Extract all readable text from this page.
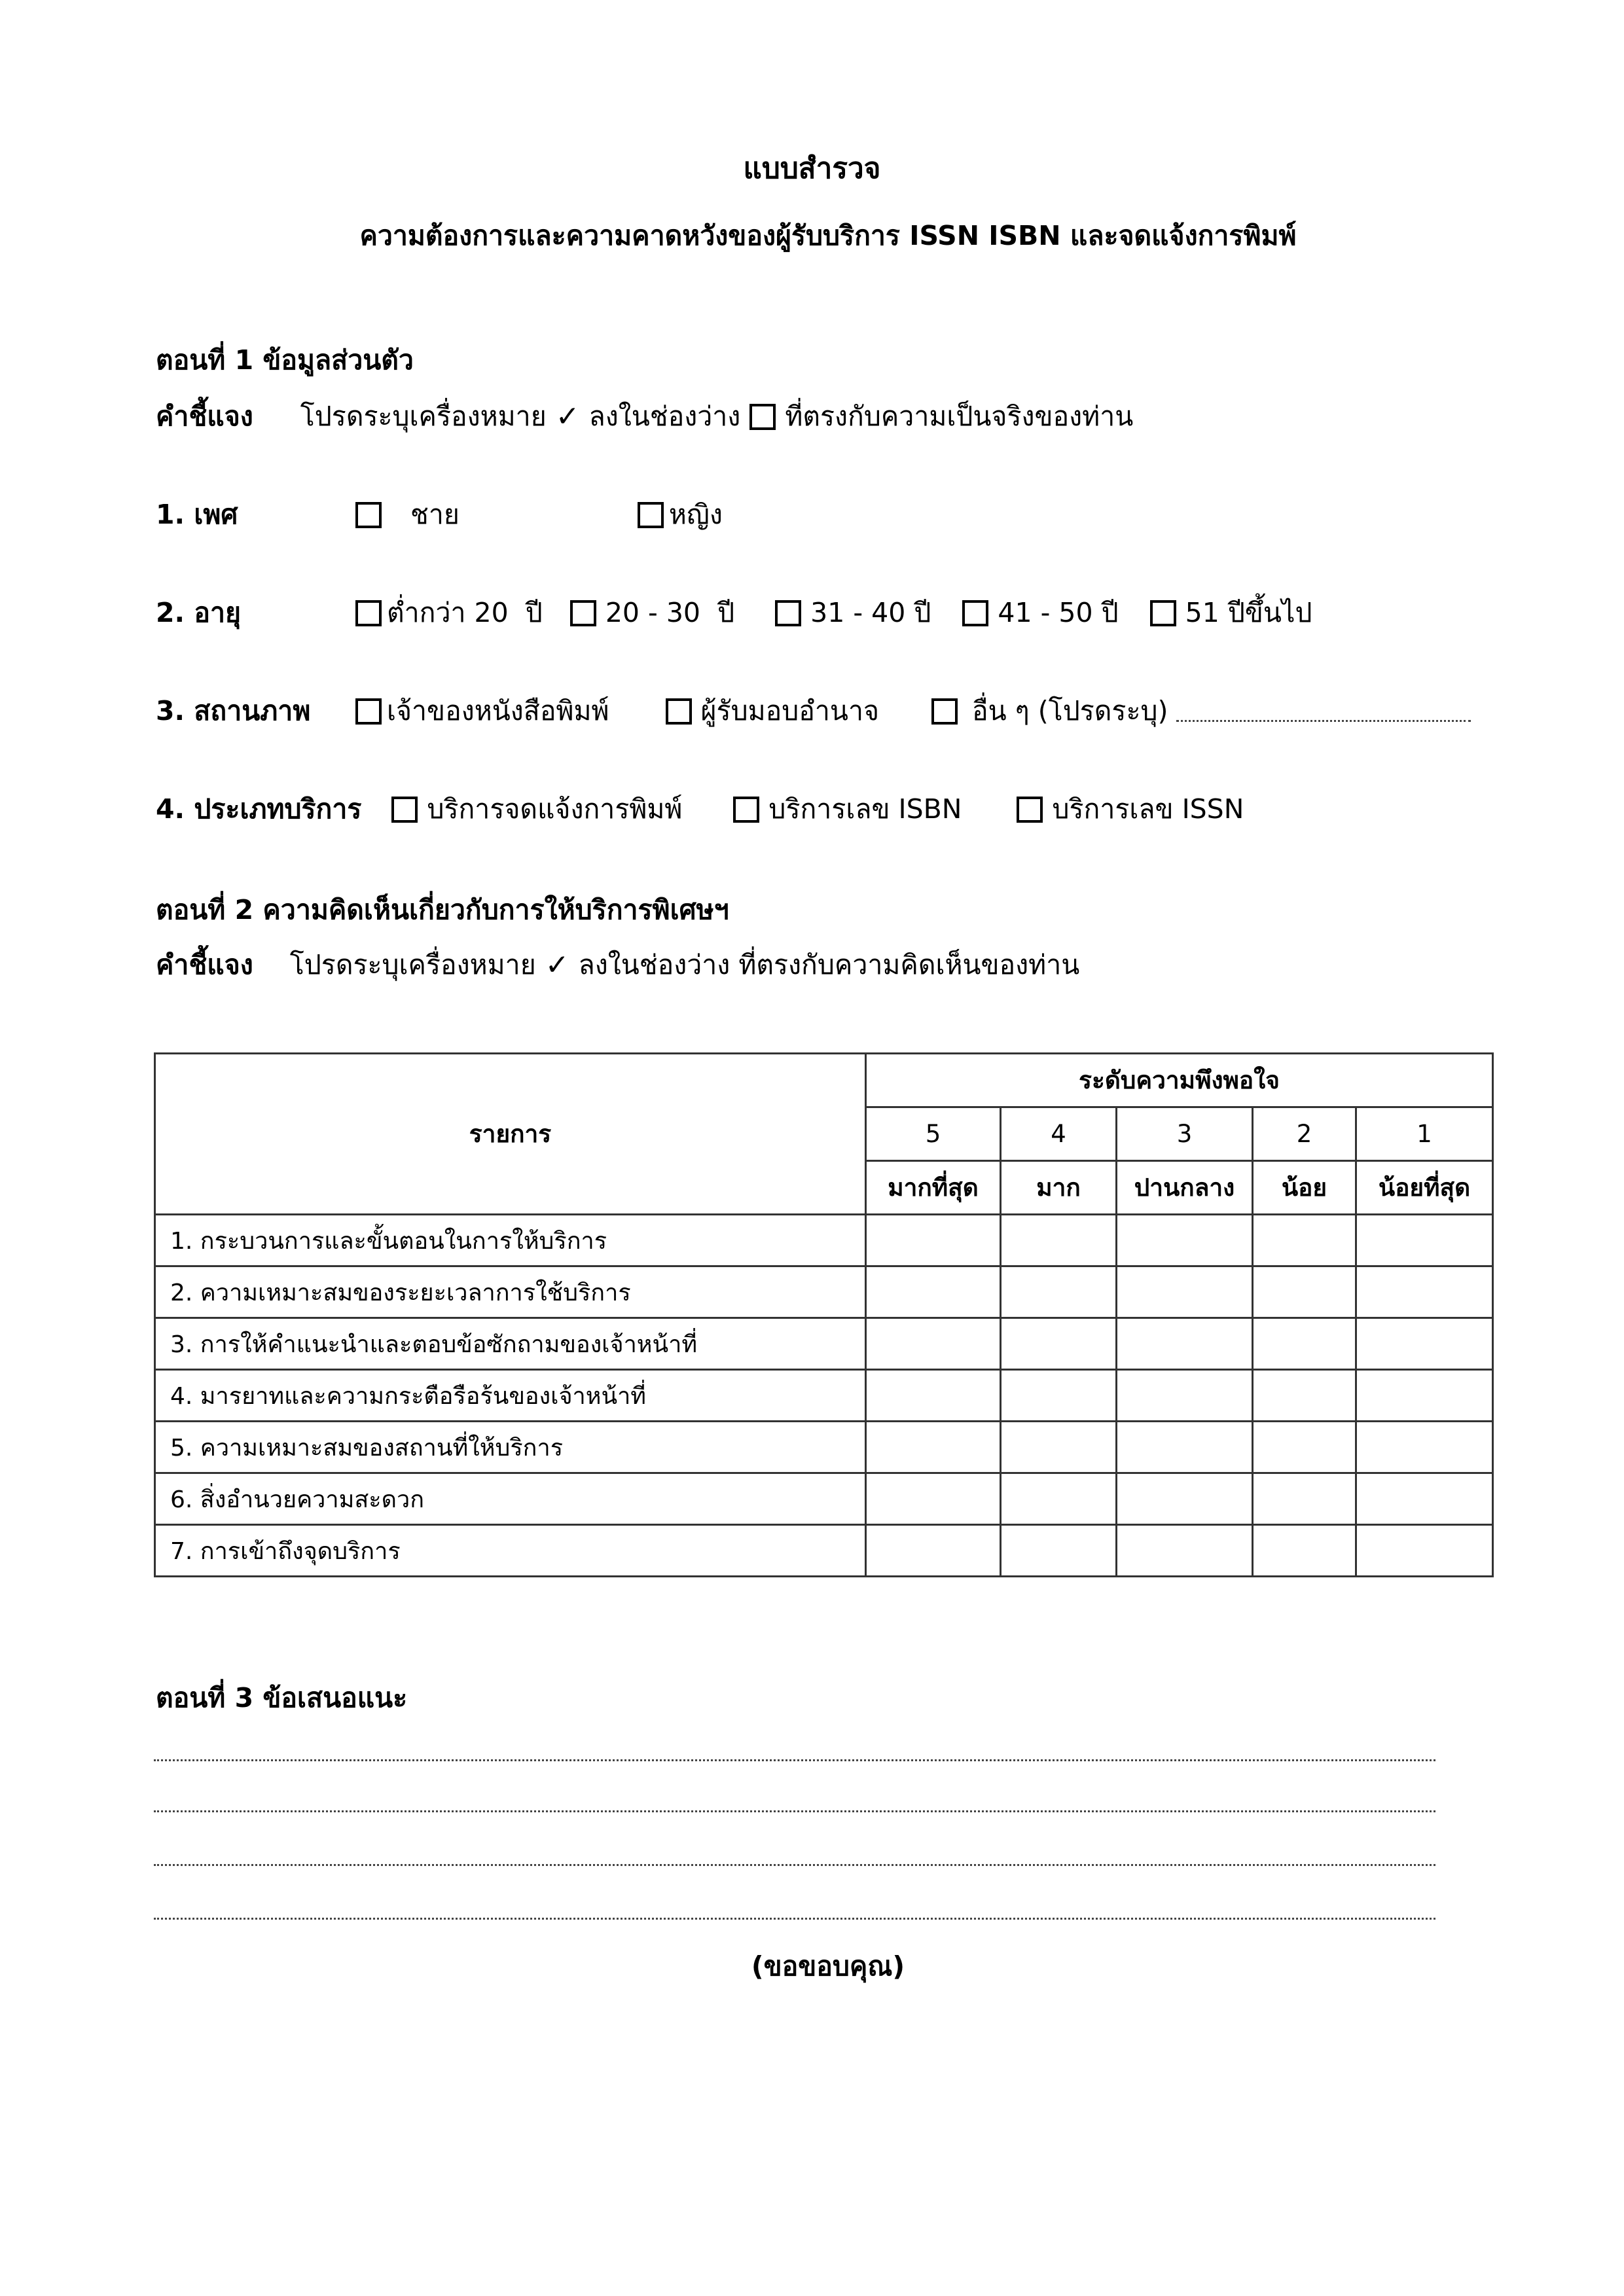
แบบสำรวจ
ความต้องการและความคาดหวังของผู้รับบริการ ISSN ISBN และจดแจ้งการพิมพ์
ตอนที่ 1 ข้อมูลส่วนตัว
คำชี้แจง โปรดระบุเครื่องหมาย ✓ ลงในช่องว่าง ที่ตรงกับความเป็นจริงของท่าน
1. เพศ	ชาย	หญิง
2. อายุ	ต่ำกว่า 20  ปี 20 - 30  ปี	31 - 40 ปี 41 - 50 ปี 51 ปีขึ้นไป
3. สถานภาพ	เจ้าของหนังสือพิมพ์	ผู้รับมอบอำนาจ	อื่น ๆ (โปรดระบุ)
4. ประเภทบริการ บริการจดแจ้งการพิมพ์	บริการเลข ISBN	บริการเลข ISSN
ตอนที่ 2 ความคิดเห็นเกี่ยวกับการให้บริการพิเศษฯ
คำชี้แจง โปรดระบุเครื่องหมาย ✓ ลงในช่องว่าง ที่ตรงกับความคิดเห็นของท่าน
รายการ	ระดับความพึงพอใจ				
	5	4	3	2	1
	มากที่สุด	มาก	ปานกลาง	น้อย	น้อยที่สุด
1. กระบวนการและขั้นตอนในการให้บริการ					
2. ความเหมาะสมของระยะเวลาการใช้บริการ					
3. การให้คำแนะนำและตอบข้อซักถามของเจ้าหน้าที่					
4. มารยาทและความกระตือรือร้นของเจ้าหน้าที่					
5. ความเหมาะสมของสถานที่ให้บริการ					
6. สิ่งอำนวยความสะดวก					
7. การเข้าถึงจุดบริการ					
ตอนที่ 3 ข้อเสนอแนะ
(ขอขอบคุณ)
